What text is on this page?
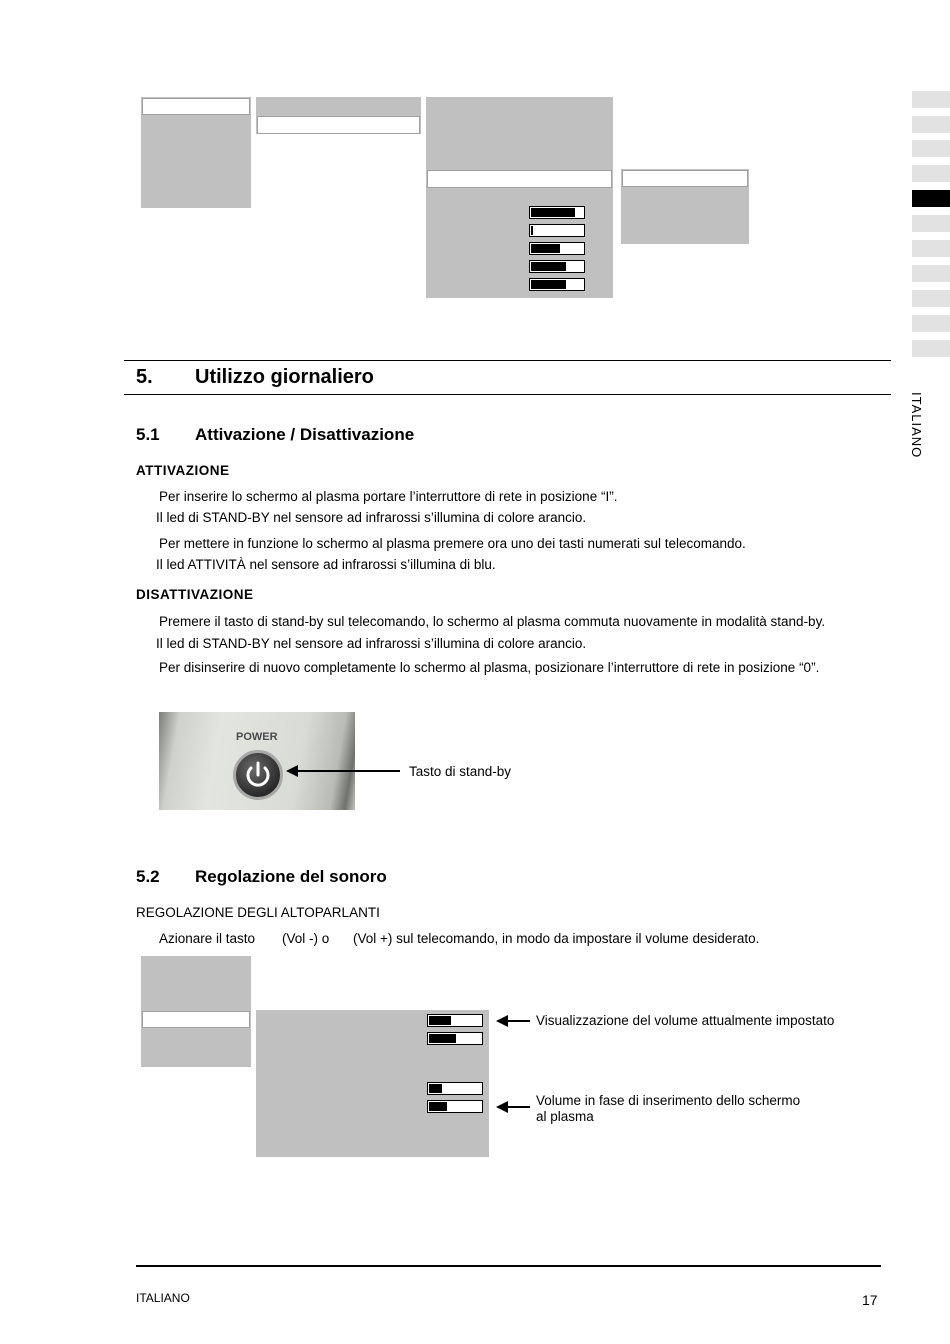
ITALIANO
5. Utilizzo giornaliero
5.1 Attivazione / Disattivazione
ATTIVAZIONE
Per inserire lo schermo al plasma portare l’interruttore di rete in posizione “I”.
Il led di STAND-BY nel sensore ad infrarossi s’illumina di colore arancio.
Per mettere in funzione lo schermo al plasma premere ora uno dei tasti numerati sul telecomando.
Il led ATTIVITÀ nel sensore ad infrarossi s’illumina di blu.
DISATTIVAZIONE
Premere il tasto di stand-by sul telecomando, lo schermo al plasma commuta nuovamente in modalità stand-by.
Il led di STAND-BY nel sensore ad infrarossi s’illumina di colore arancio.
Per disinserire di nuovo completamente lo schermo al plasma, posizionare l’interruttore di rete in posizione “0”.
POWER
Tasto di stand-by
5.2 Regolazione del sonoro
REGOLAZIONE DEGLI ALTOPARLANTI
Azionare il tasto (Vol -) o (Vol +) sul telecomando, in modo da impostare il volume desiderato.
Visualizzazione del volume attualmente impostato
Volume in fase di inserimento dello schermo
al plasma
ITALIANO	17
